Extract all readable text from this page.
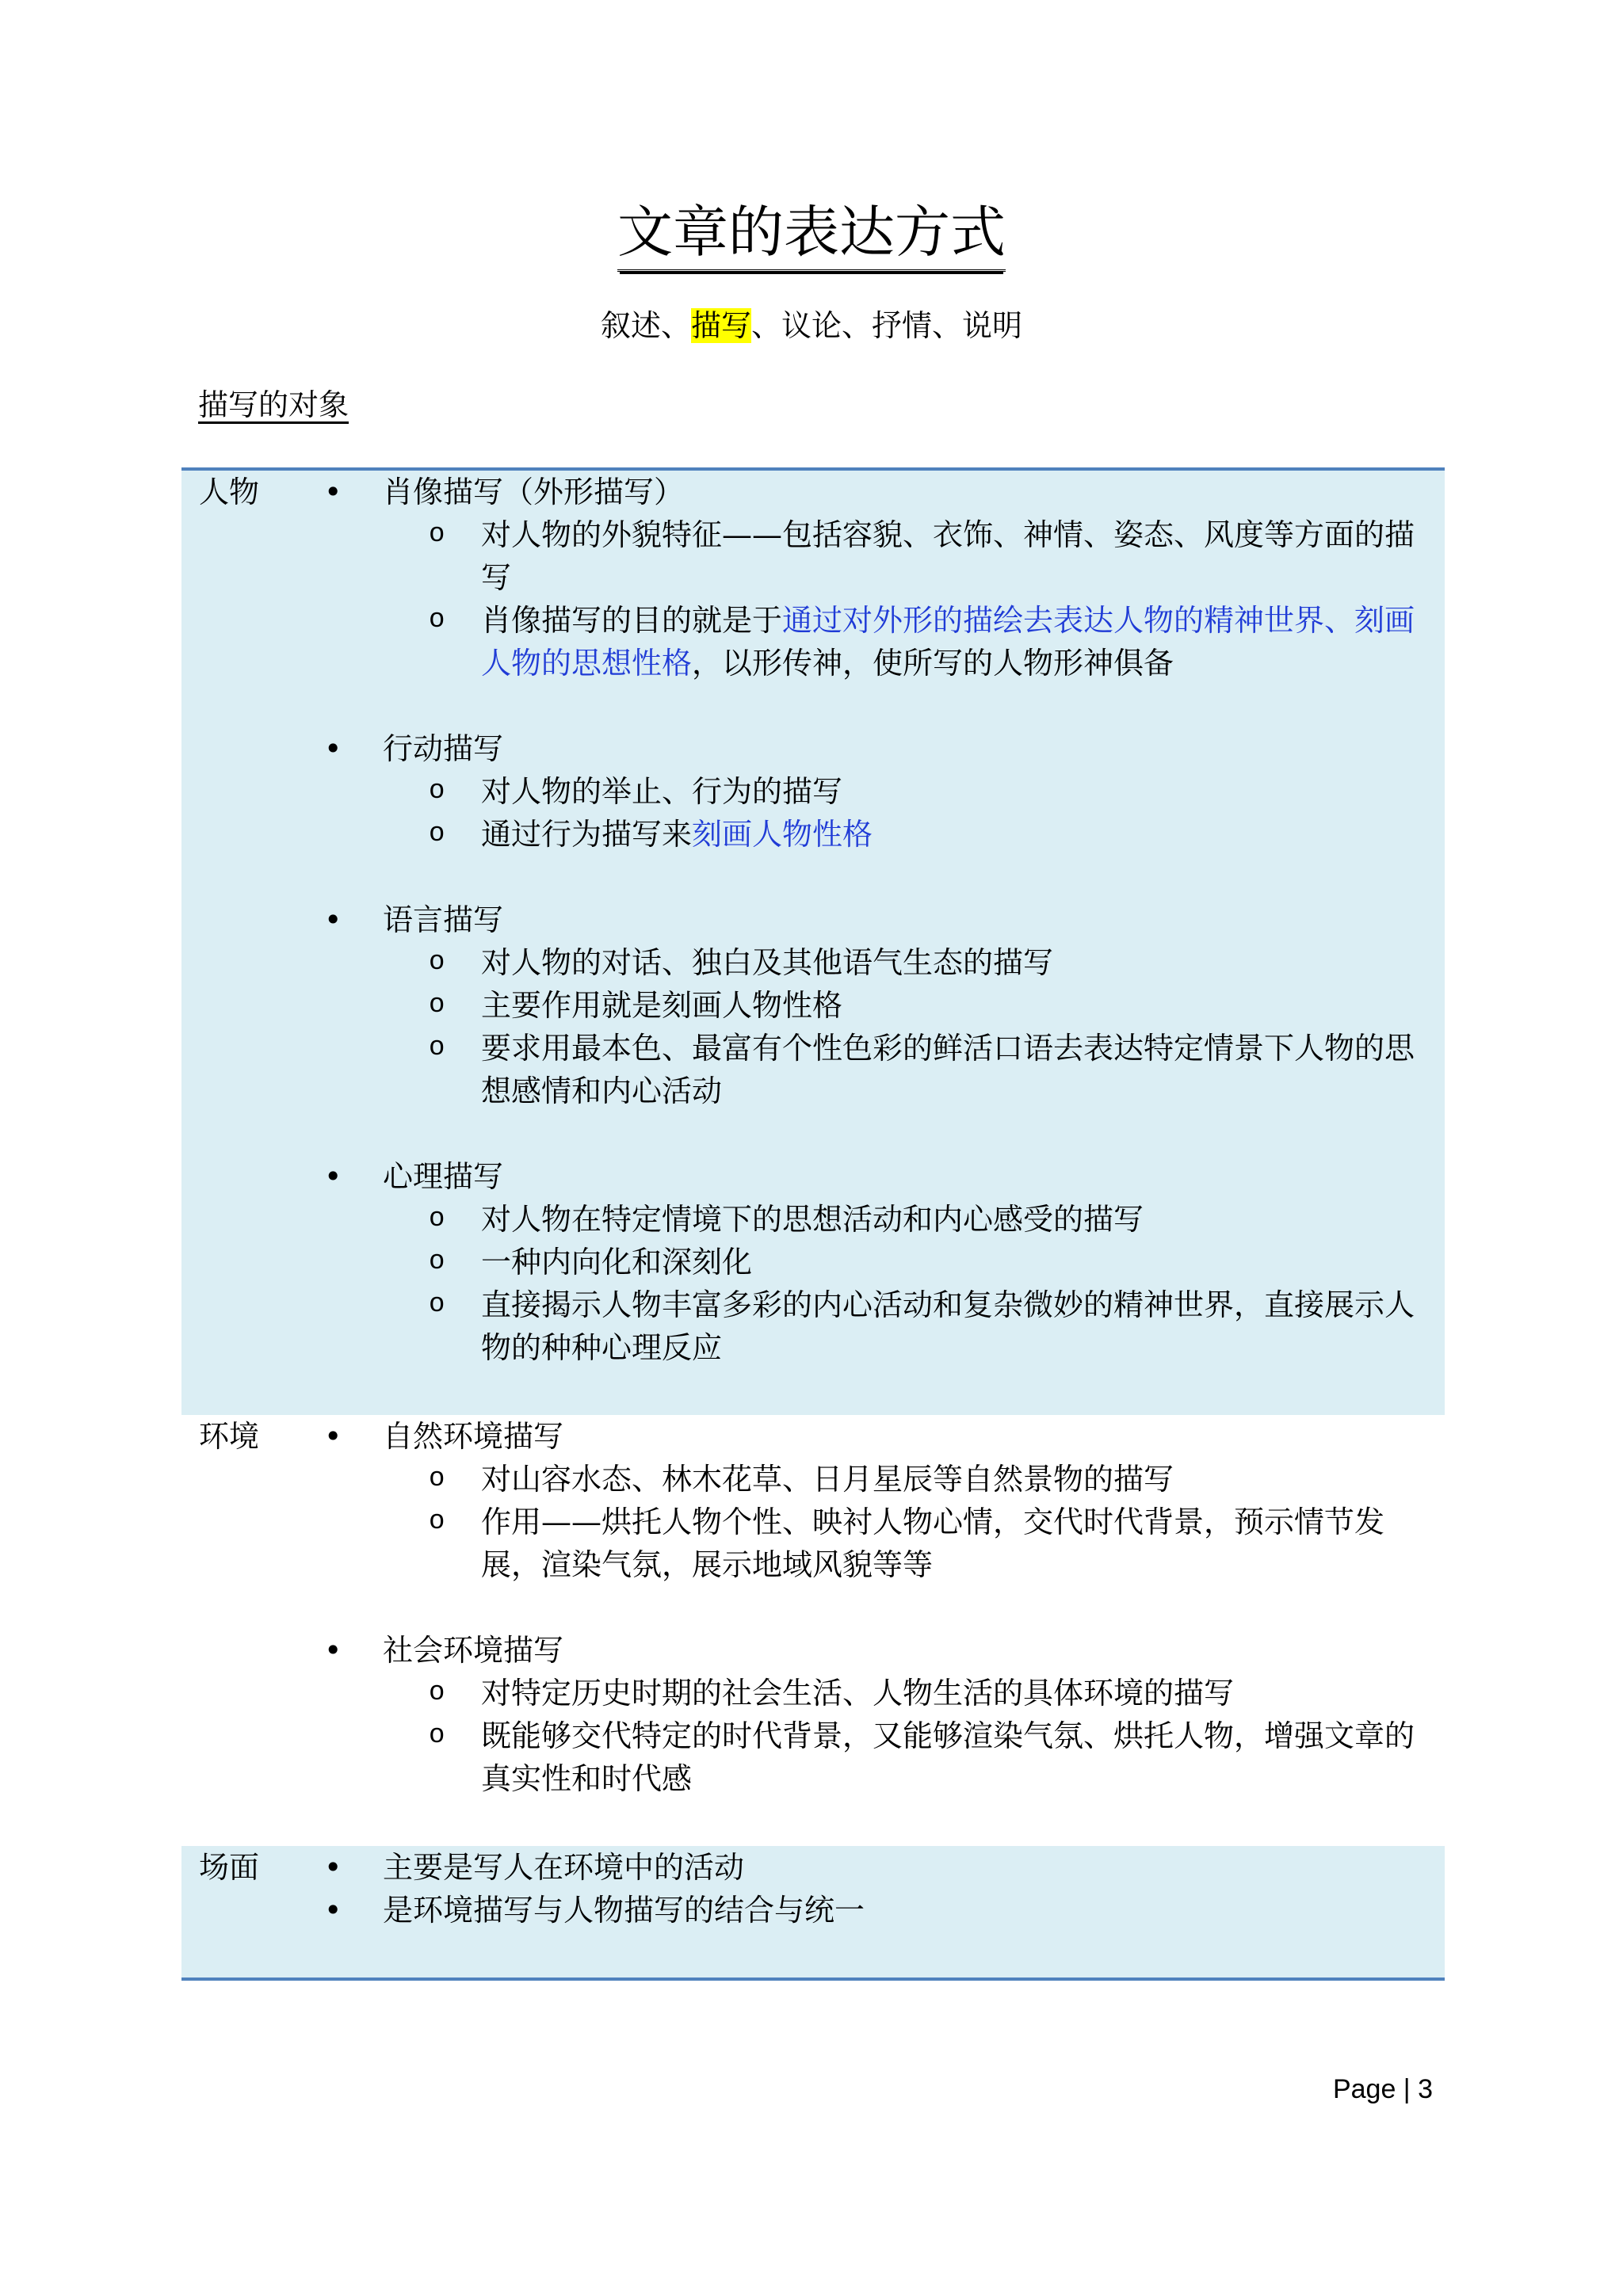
文章的表达方式
叙述、描写、议论、抒情、说明
描写的对象
人物	• 肖像描写（外形描写）
o 对人物的外貌特征——包括容貌、衣饰、神情、姿态、风度等方面的描写
o 肖像描写的目的就是于通过对外形的描绘去表达人物的精神世界、刻画人物的思想性格，以形传神，使所写的人物形神俱备
• 行动描写
o 对人物的举止、行为的描写
o 通过行为描写来刻画人物性格
• 语言描写
o 对人物的对话、独白及其他语气生态的描写
o 主要作用就是刻画人物性格
o 要求用最本色、最富有个性色彩的鲜活口语去表达特定情景下人物的思想感情和内心活动
• 心理描写
o 对人物在特定情境下的思想活动和内心感受的描写
o 一种内向化和深刻化
o 直接揭示人物丰富多彩的内心活动和复杂微妙的精神世界，直接展示人物的种种心理反应
环境	• 自然环境描写
o 对山容水态、林木花草、日月星辰等自然景物的描写
o 作用——烘托人物个性、映衬人物心情，交代时代背景，预示情节发展，渲染气氛，展示地域风貌等等
• 社会环境描写
o 对特定历史时期的社会生活、人物生活的具体环境的描写
o 既能够交代特定的时代背景，又能够渲染气氛、烘托人物，增强文章的真实性和时代感
场面	• 主要是写人在环境中的活动
• 是环境描写与人物描写的结合与统一
Page | 3
